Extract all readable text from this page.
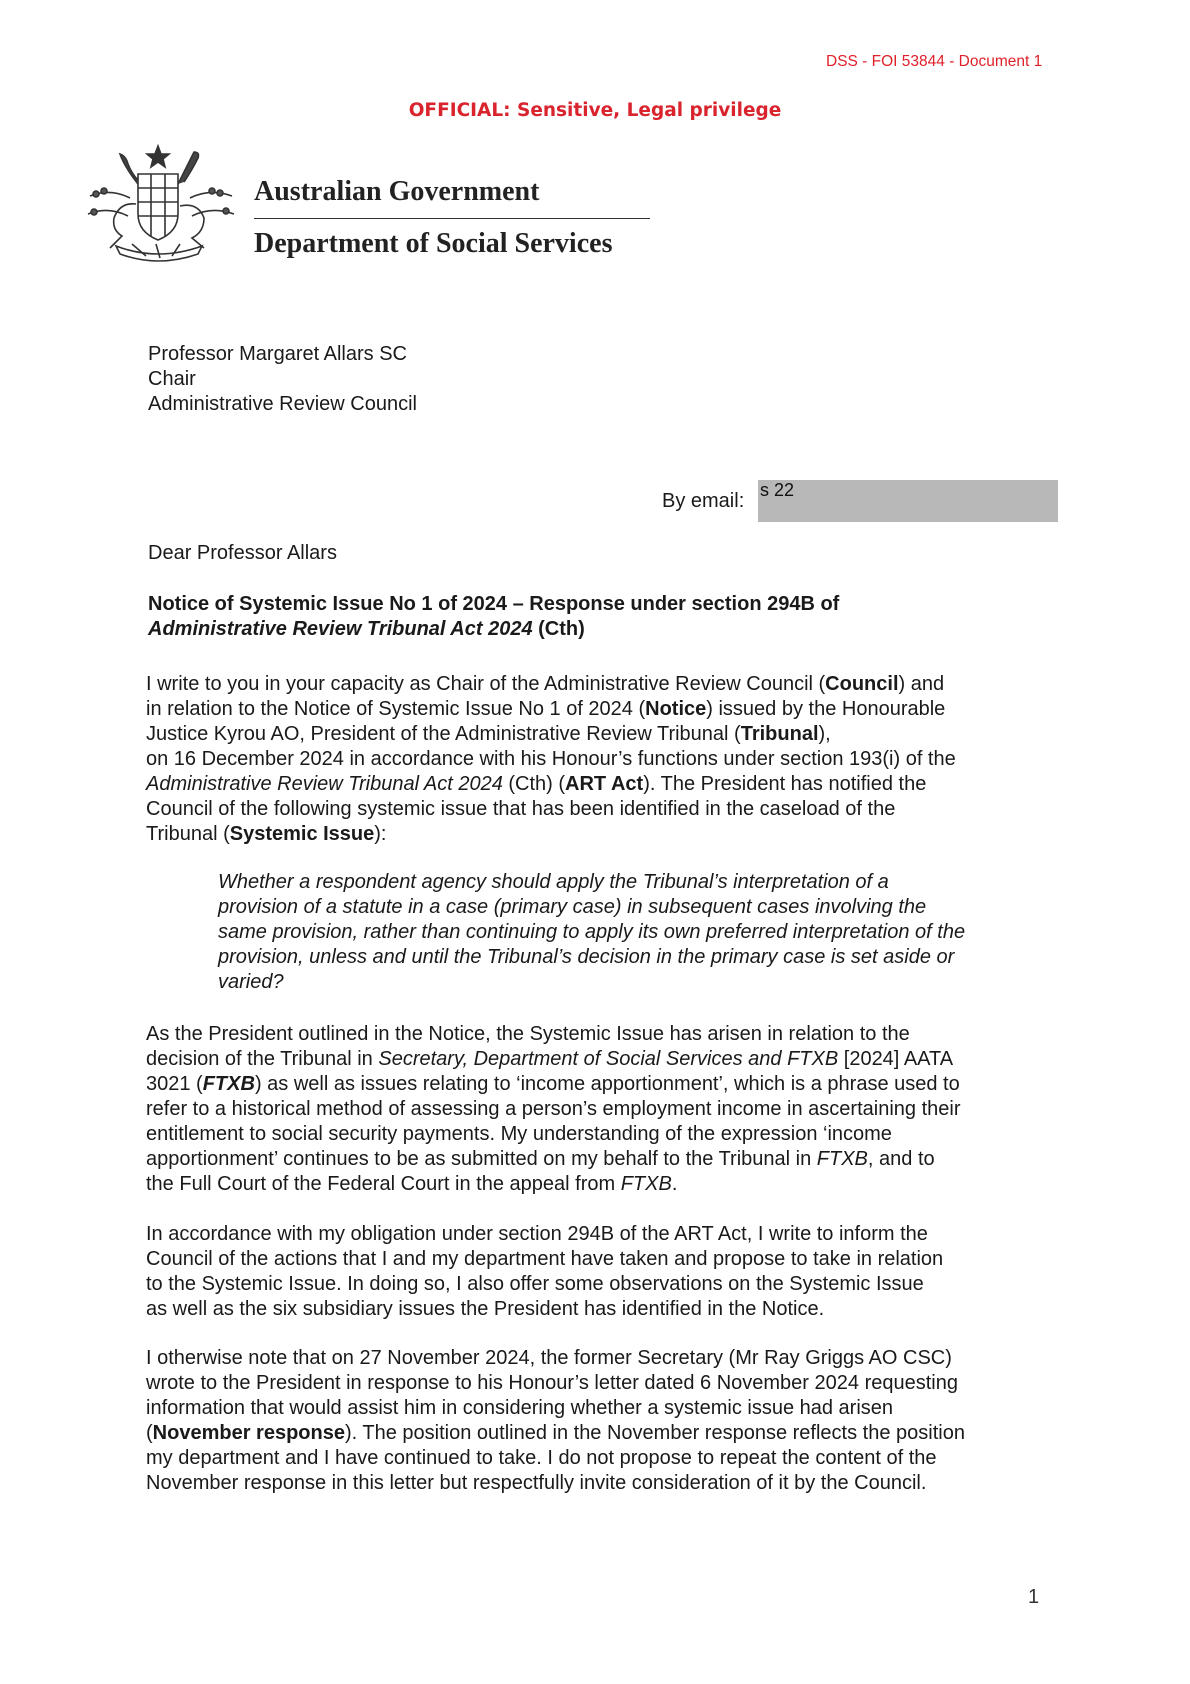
DSS - FOI 53844 - Document 1
OFFICIAL: Sensitive, Legal privilege
Australian Government
Department of Social Services
Professor Margaret Allars SC
Chair
Administrative Review Council
By email: s 22
Dear Professor Allars
Notice of Systemic Issue No 1 of 2024 – Response under section 294B of
Administrative Review Tribunal Act 2024 (Cth)
I write to you in your capacity as Chair of the Administrative Review Council (Council) and
in relation to the Notice of Systemic Issue No 1 of 2024 (Notice) issued by the Honourable
Justice Kyrou AO, President of the Administrative Review Tribunal (Tribunal),
on 16 December 2024 in accordance with his Honour’s functions under section 193(i) of the
Administrative Review Tribunal Act 2024 (Cth) (ART Act). The President has notified the
Council of the following systemic issue that has been identified in the caseload of the
Tribunal (Systemic Issue):
Whether a respondent agency should apply the Tribunal’s interpretation of a
provision of a statute in a case (primary case) in subsequent cases involving the
same provision, rather than continuing to apply its own preferred interpretation of the
provision, unless and until the Tribunal’s decision in the primary case is set aside or
varied?
As the President outlined in the Notice, the Systemic Issue has arisen in relation to the
decision of the Tribunal in Secretary, Department of Social Services and FTXB [2024] AATA
3021 (FTXB) as well as issues relating to ‘income apportionment’, which is a phrase used to
refer to a historical method of assessing a person’s employment income in ascertaining their
entitlement to social security payments. My understanding of the expression ‘income
apportionment’ continues to be as submitted on my behalf to the Tribunal in FTXB, and to
the Full Court of the Federal Court in the appeal from FTXB.
In accordance with my obligation under section 294B of the ART Act, I write to inform the
Council of the actions that I and my department have taken and propose to take in relation
to the Systemic Issue. In doing so, I also offer some observations on the Systemic Issue
as well as the six subsidiary issues the President has identified in the Notice.
I otherwise note that on 27 November 2024, the former Secretary (Mr Ray Griggs AO CSC)
wrote to the President in response to his Honour’s letter dated 6 November 2024 requesting
information that would assist him in considering whether a systemic issue had arisen
(November response). The position outlined in the November response reflects the position
my department and I have continued to take. I do not propose to repeat the content of the
November response in this letter but respectfully invite consideration of it by the Council.
1
